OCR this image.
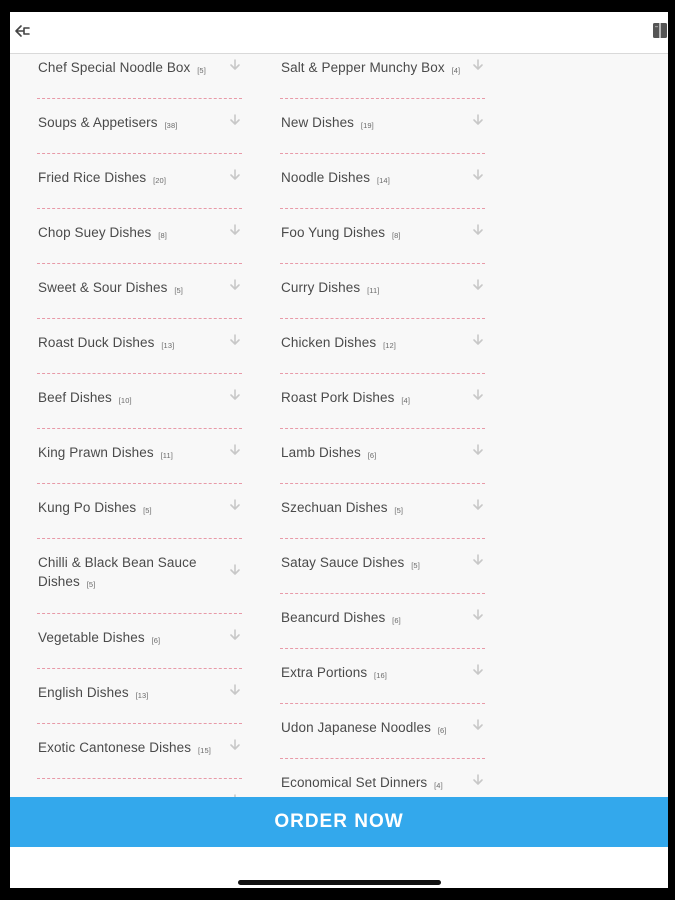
Chef Special Noodle Box [5]
Soups & Appetisers [38]
Fried Rice Dishes [20]
Chop Suey Dishes [8]
Sweet & Sour Dishes [5]
Roast Duck Dishes [13]
Beef Dishes [10]
King Prawn Dishes [11]
Kung Po Dishes [5]
Chilli & Black Bean Sauce Dishes [5]
Vegetable Dishes [6]
English Dishes [13]
Exotic Cantonese Dishes [15]
Salt & Pepper Munchy Box [4]
New Dishes [19]
Noodle Dishes [14]
Foo Yung Dishes [8]
Curry Dishes [11]
Chicken Dishes [12]
Roast Pork Dishes [4]
Lamb Dishes [6]
Szechuan Dishes [5]
Satay Sauce Dishes [5]
Beancurd Dishes [6]
Extra Portions [16]
Udon Japanese Noodles [6]
Economical Set Dinners [4]
ORDER NOW
